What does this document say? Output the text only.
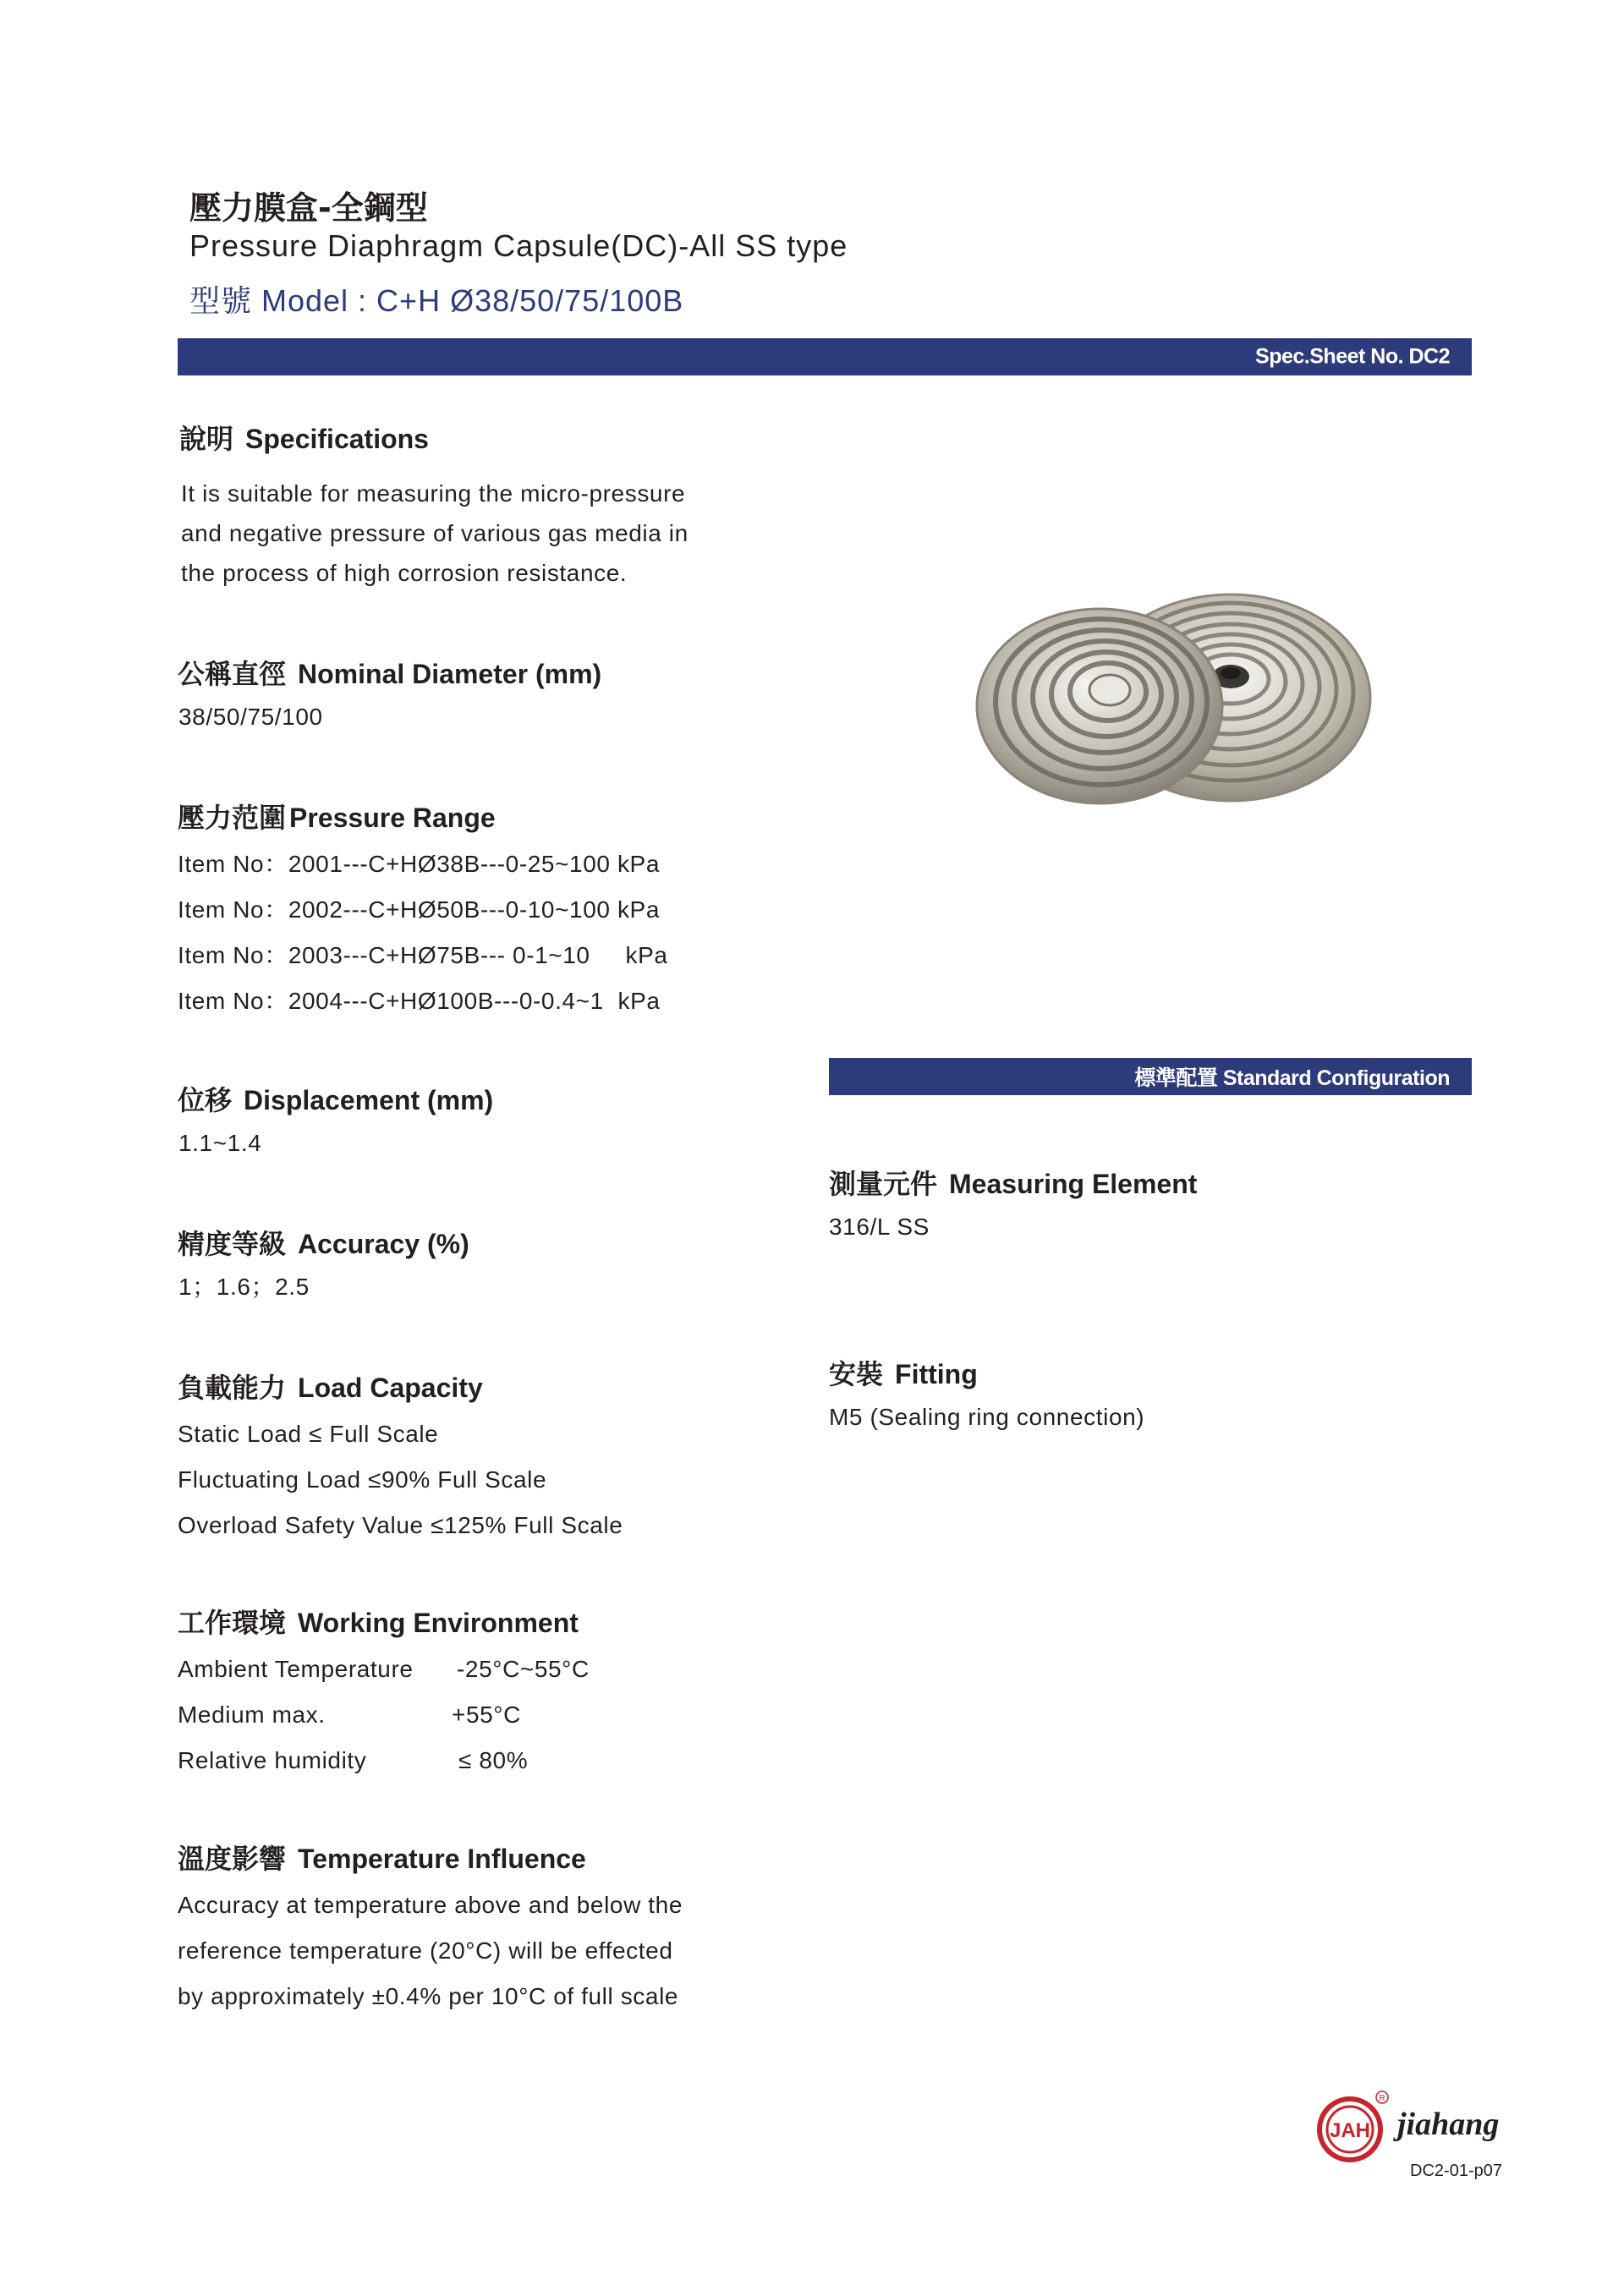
壓力膜盒-全鋼型
Pressure Diaphragm Capsule(DC)-All SS type
型號 Model : C+H Ø38/50/75/100B
Spec.Sheet No. DC2
說明 Specifications
It is suitable for measuring the micro-pressure
and negative pressure of various gas media in
the process of high corrosion resistance.
公稱直徑 Nominal Diameter (mm)
38/50/75/100
壓力范圍 Pressure Range
Item No：2001---C+HØ38B---0-25~100 kPa
Item No：2002---C+HØ50B---0-10~100 kPa
Item No：2003---C+HØ75B--- 0-1~10     kPa
Item No：2004---C+HØ100B---0-0.4~1  kPa
位移 Displacement (mm)
1.1~1.4
精度等級 Accuracy (%)
1；1.6；2.5
負載能力 Load Capacity
Static Load ≤ Full Scale
Fluctuating Load ≤90% Full Scale
Overload Safety Value ≤125% Full Scale
工作環境 Working Environment
Ambient Temperature	-25°C~55°C
Medium max.	+55°C
Relative humidity	≤ 80%
溫度影響 Temperature Influence
Accuracy at temperature above and below the
reference temperature (20°C) will be effected
by approximately ±0.4% per 10°C of full scale
標準配置 Standard Configuration
測量元件 Measuring Element
316/L SS
安裝 Fitting
M5 (Sealing ring connection)
JAH
R
jiahang
DC2-01-p07
